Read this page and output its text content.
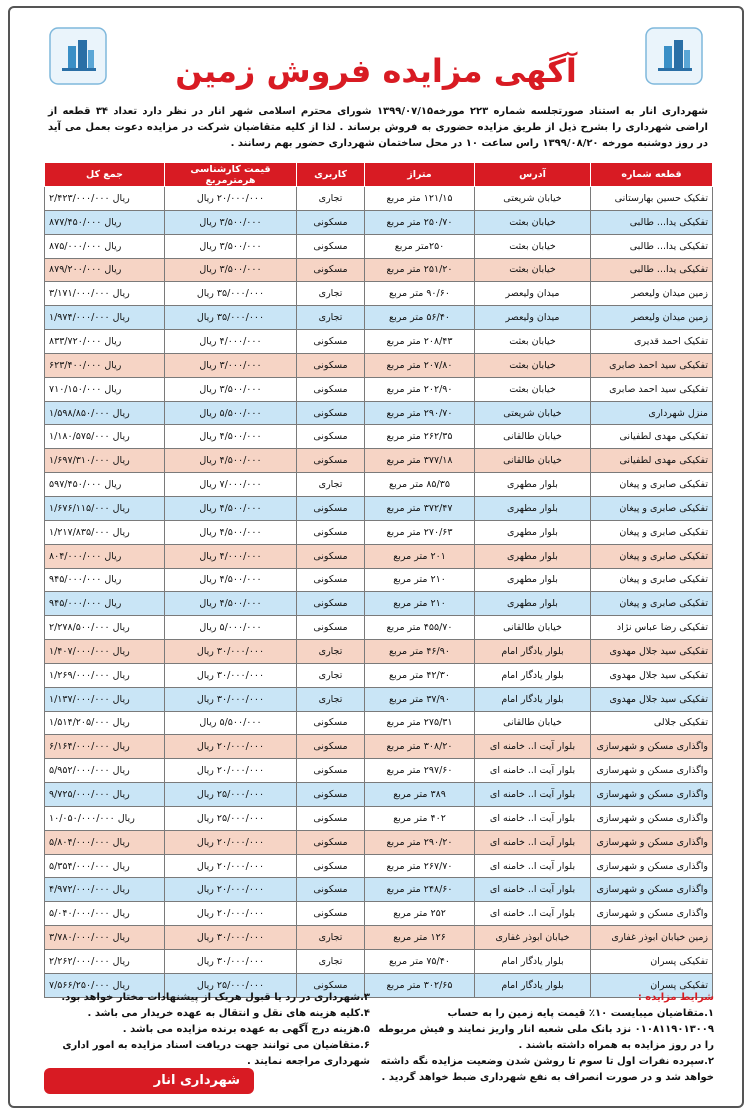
آگهی مزایده فروش زمین
شهرداری انار به استناد صورتجلسه شماره ۲۲۳ مورخه۱۳۹۹/۰۷/۱۵ شورای محترم اسلامی شهر انار در نظر دارد تعداد ۳۴ قطعه از اراضی شهرداری را بشرح ذیل از طریق مزایده حضوری به فروش برساند . لذا از کلیه متقاضیان شرکت در مزایده دعوت بعمل می آید در روز دوشنبه مورخه ۱۳۹۹/۰۸/۲۰ راس ساعت ۱۰ در محل ساختمان شهرداری حضور بهم رسانند .
قطعه شماره	آدرس	متراژ	کاربری	قیمت کارشناسی هرمترمربع	جمع کل
تفکیک حسین بهارستانی	خیابان شریعتی	۱۲۱/۱۵ متر مربع	تجاری	۲۰/۰۰۰/۰۰۰ ریال	۲/۴۲۳/۰۰۰/۰۰۰ ریال
تفکیکی یدا... طالبی	خیابان بعثت	۲۵۰/۷۰ متر مربع	مسکونی	۳/۵۰۰/۰۰۰ ریال	۸۷۷/۴۵۰/۰۰۰ ریال
تفکیکی یدا... طالبی	خیابان بعثت	۲۵۰متر مربع	مسکونی	۳/۵۰۰/۰۰۰ ریال	۸۷۵/۰۰۰/۰۰۰ ریال
تفکیکی یدا... طالبی	خیابان بعثت	۲۵۱/۲۰ متر مربع	مسکونی	۳/۵۰۰/۰۰۰ ریال	۸۷۹/۲۰۰/۰۰۰ ریال
زمین میدان ولیعصر	میدان ولیعصر	۹۰/۶۰ متر مربع	تجاری	۳۵/۰۰۰/۰۰۰ ریال	۳/۱۷۱/۰۰۰/۰۰۰ ریال
زمین میدان ولیعصر	میدان ولیعصر	۵۶/۴۰ متر مربع	تجاری	۳۵/۰۰۰/۰۰۰ ریال	۱/۹۷۴/۰۰۰/۰۰۰ ریال
تفکیک احمد قدیری	خیابان بعثت	۲۰۸/۴۳ متر مربع	مسکونی	۴/۰۰۰/۰۰۰ ریال	۸۳۳/۷۲۰/۰۰۰ ریال
تفکیکی سید احمد صابری	خیابان بعثت	۲۰۷/۸۰ متر مربع	مسکونی	۳/۰۰۰/۰۰۰ ریال	۶۲۳/۴۰۰/۰۰۰ ریال
تفکیکی سید احمد صابری	خیابان بعثت	۲۰۲/۹۰ متر مربع	مسکونی	۳/۵۰۰/۰۰۰ ریال	۷۱۰/۱۵۰/۰۰۰ ریال
منزل شهرداری	خیابان شریعتی	۲۹۰/۷۰ متر مربع	مسکونی	۵/۵۰۰/۰۰۰ ریال	۱/۵۹۸/۸۵۰/۰۰۰ ریال
تفکیکی مهدی لطفیانی	خیابان طالقانی	۲۶۲/۳۵ متر مربع	مسکونی	۴/۵۰۰/۰۰۰ ریال	۱/۱۸۰/۵۷۵/۰۰۰ ریال
تفکیکی مهدی لطفیانی	خیابان طالقانی	۳۷۷/۱۸ متر مربع	مسکونی	۴/۵۰۰/۰۰۰ ریال	۱/۶۹۷/۳۱۰/۰۰۰ ریال
تفکیکی صابری و پیغان	بلوار مطهری	۸۵/۳۵ متر مربع	تجاری	۷/۰۰۰/۰۰۰ ریال	۵۹۷/۴۵۰/۰۰۰ ریال
تفکیکی صابری و پیغان	بلوار مطهری	۳۷۲/۴۷ متر مربع	مسکونی	۴/۵۰۰/۰۰۰ ریال	۱/۶۷۶/۱۱۵/۰۰۰ ریال
تفکیکی صابری و پیغان	بلوار مطهری	۲۷۰/۶۳ متر مربع	مسکونی	۴/۵۰۰/۰۰۰ ریال	۱/۲۱۷/۸۳۵/۰۰۰ ریال
تفکیکی صابری و پیغان	بلوار مطهری	۲۰۱ متر مربع	مسکونی	۴/۰۰۰/۰۰۰ ریال	۸۰۴/۰۰۰/۰۰۰ ریال
تفکیکی صابری و پیغان	بلوار مطهری	۲۱۰ متر مربع	مسکونی	۴/۵۰۰/۰۰۰ ریال	۹۴۵/۰۰۰/۰۰۰ ریال
تفکیکی صابری و پیغان	بلوار مطهری	۲۱۰ متر مربع	مسکونی	۴/۵۰۰/۰۰۰ ریال	۹۴۵/۰۰۰/۰۰۰ ریال
تفکیکی رضا عباس نژاد	خیابان طالقانی	۴۵۵/۷۰ متر مربع	مسکونی	۵/۰۰۰/۰۰۰ ریال	۲/۲۷۸/۵۰۰/۰۰۰ ریال
تفکیکی سید جلال مهدوی	بلوار یادگار امام	۴۶/۹۰ متر مربع	تجاری	۳۰/۰۰۰/۰۰۰ ریال	۱/۴۰۷/۰۰۰/۰۰۰ ریال
تفکیکی سید جلال مهدوی	بلوار یادگار امام	۴۲/۳۰ متر مربع	تجاری	۳۰/۰۰۰/۰۰۰ ریال	۱/۲۶۹/۰۰۰/۰۰۰ ریال
تفکیکی سید جلال مهدوی	بلوار یادگار امام	۳۷/۹۰ متر مربع	تجاری	۳۰/۰۰۰/۰۰۰ ریال	۱/۱۳۷/۰۰۰/۰۰۰ ریال
تفکیکی جلالی	خیابان طالقانی	۲۷۵/۳۱ متر مربع	مسکونی	۵/۵۰۰/۰۰۰ ریال	۱/۵۱۴/۲۰۵/۰۰۰ ریال
واگذاری مسکن و شهرسازی	بلوار آیت ا.. خامنه ای	۳۰۸/۲۰ متر مربع	مسکونی	۲۰/۰۰۰/۰۰۰ ریال	۶/۱۶۴/۰۰۰/۰۰۰ ریال
واگذاری مسکن و شهرسازی	بلوار آیت ا.. خامنه ای	۲۹۷/۶۰ متر مربع	مسکونی	۲۰/۰۰۰/۰۰۰ ریال	۵/۹۵۲/۰۰۰/۰۰۰ ریال
واگذاری مسکن و شهرسازی	بلوار آیت ا.. خامنه ای	۳۸۹ متر مربع	مسکونی	۲۵/۰۰۰/۰۰۰ ریال	۹/۷۲۵/۰۰۰/۰۰۰ ریال
واگذاری مسکن و شهرسازی	بلوار آیت ا.. خامنه ای	۴۰۲ متر مربع	مسکونی	۲۵/۰۰۰/۰۰۰ ریال	۱۰/۰۵۰/۰۰۰/۰۰۰ ریال
واگذاری مسکن و شهرسازی	بلوار آیت ا.. خامنه ای	۲۹۰/۲۰ متر مربع	مسکونی	۲۰/۰۰۰/۰۰۰ ریال	۵/۸۰۴/۰۰۰/۰۰۰ ریال
واگذاری مسکن و شهرسازی	بلوار آیت ا.. خامنه ای	۲۶۷/۷۰ متر مربع	مسکونی	۲۰/۰۰۰/۰۰۰ ریال	۵/۳۵۴/۰۰۰/۰۰۰ ریال
واگذاری مسکن و شهرسازی	بلوار آیت ا.. خامنه ای	۲۴۸/۶۰ متر مربع	مسکونی	۲۰/۰۰۰/۰۰۰ ریال	۴/۹۷۲/۰۰۰/۰۰۰ ریال
واگذاری مسکن و شهرسازی	بلوار آیت ا.. خامنه ای	۲۵۲ متر مربع	مسکونی	۲۰/۰۰۰/۰۰۰ ریال	۵/۰۴۰/۰۰۰/۰۰۰ ریال
زمین خیابان ابوذر غفاری	خیابان ابوذر غفاری	۱۲۶ متر مربع	تجاری	۳۰/۰۰۰/۰۰۰ ریال	۳/۷۸۰/۰۰۰/۰۰۰ ریال
تفکیکی پسران	بلوار یادگار امام	۷۵/۴۰ متر مربع	تجاری	۳۰/۰۰۰/۰۰۰ ریال	۲/۲۶۲/۰۰۰/۰۰۰ ریال
تفکیکی پسران	بلوار یادگار امام	۳۰۲/۶۵ متر مربع	مسکونی	۲۵/۰۰۰/۰۰۰ ریال	۷/۵۶۶/۲۵۰/۰۰۰ ریال
شرایط مزایده :
۱.متقاضیان میبایست ۱۰٪ قیمت پایه زمین را به حساب ۰۱۰۸۱۱۹۰۱۳۰۰۹ نزد بانک ملی شعبه انار واریز نمایند و فیش مربوطه را در روز مزایده به همراه داشته باشند .
۲.سپرده نفرات اول تا سوم تا روشن شدن وضعیت مزایده نگه داشته خواهد شد و در صورت انصراف به نفع شهرداری ضبط خواهد گردید .
۳.شهرداری در رد یا قبول هریک از پیشنهادات مختار خواهد بود.
۴.کلیه هزینه های نقل و انتقال به عهده خریدار می باشد .
۵.هزینه درج آگهی به عهده برنده مزایده می باشد .
۶.متقاضیان می توانند جهت دریافت اسناد مزایده به امور اداری شهرداری مراجعه نمایند .
شهرداری انار
